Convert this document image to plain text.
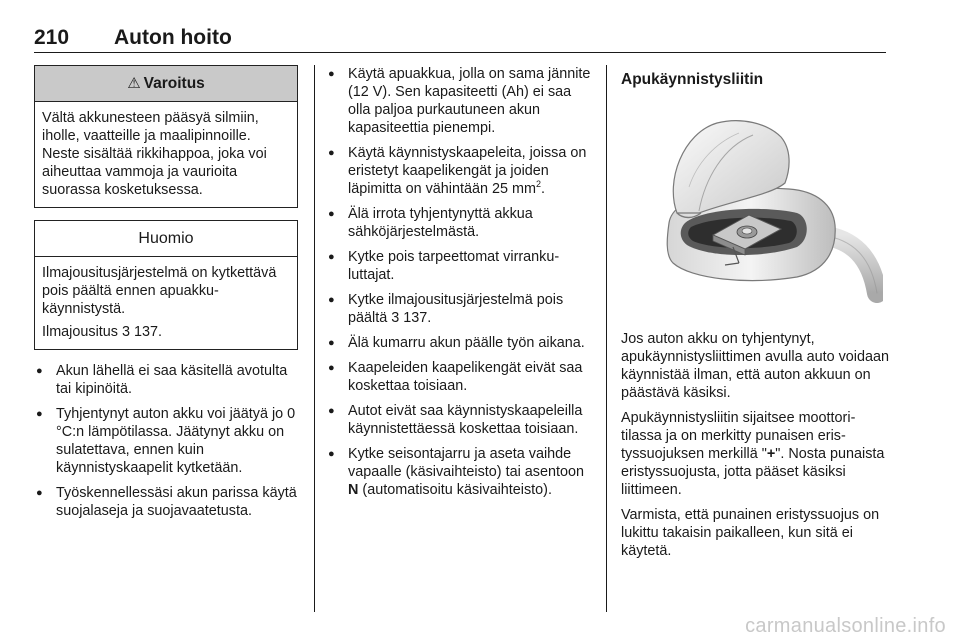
210 Auton hoito
⚠ Varoitus

Vältä akkunesteen pääsyä silmiin, iholle, vaatteille ja maalipinnoille. Neste sisältää rikkihappoa, joka voi aiheuttaa vammoja ja vaurioita suorassa kosketuksessa.

Huomio

Ilmajousitusjärjestelmä on kytkettävä pois päältä ennen apuakkukäynnistystä.

Ilmajousitus 3 137.

● Akun lähellä ei saa käsitellä avotulta tai kipinöitä.
● Tyhjentynyt auton akku voi jäätyä jo 0 °C:n lämpötilassa. Jäätynyt akku on sulatettava, ennen kuin käynnistyskaapelit kytketään.
● Työskennellessäsi akun parissa käytä suojalaseja ja suojavaatetusta.
● Käytä apuakkua, jolla on sama jännite (12 V). Sen kapasiteetti (Ah) ei saa olla paljoa purkautuneen akun kapasiteettia pienempi.
● Käytä käynnistyskaapeleita, joissa on eristetyt kaapelikengät ja joiden läpimitta on vähintään 25 $mm^2$.
● Älä irrota tyhjentynyttä akkua sähköjärjestelmästä.
● Kytke pois tarpeettomat virrankuluttajat.
● Kytke ilmajousitusjärjestelmä pois päältä 3 137.
● Älä kumarru akun päälle työn aikana.
● Kaapeleiden kaapelikengät eivät saa koskettaa toisiaan.
● Autot eivät saa käynnistyskaapeleilla käynnistettäessä koskettaa toisiaan.
● Kytke seisontajarru ja aseta vaihde vapaalle (käsivaihteisto) tai asentoon N (automatisoitu käsivaihteisto).
Apukäynnistysliitin

Jos auton akku on tyhjentynyt, apukäynnistysliittimen avulla auto voidaan käynnistää ilman, että auton akkuun on päästävä käsiksi.

Apukäynnistysliitin sijaitsee moottoritilassa ja on merkitty punaisen eristyssuojuksen merkillä "+". Nosta punaista eristyssuojusta, jotta pääset käsiksi liittimeen.

Varmista, että punainen eristyssuojus on lukittu takaisin paikalleen, kun sitä ei käytetä.

carmanualsonline.info
